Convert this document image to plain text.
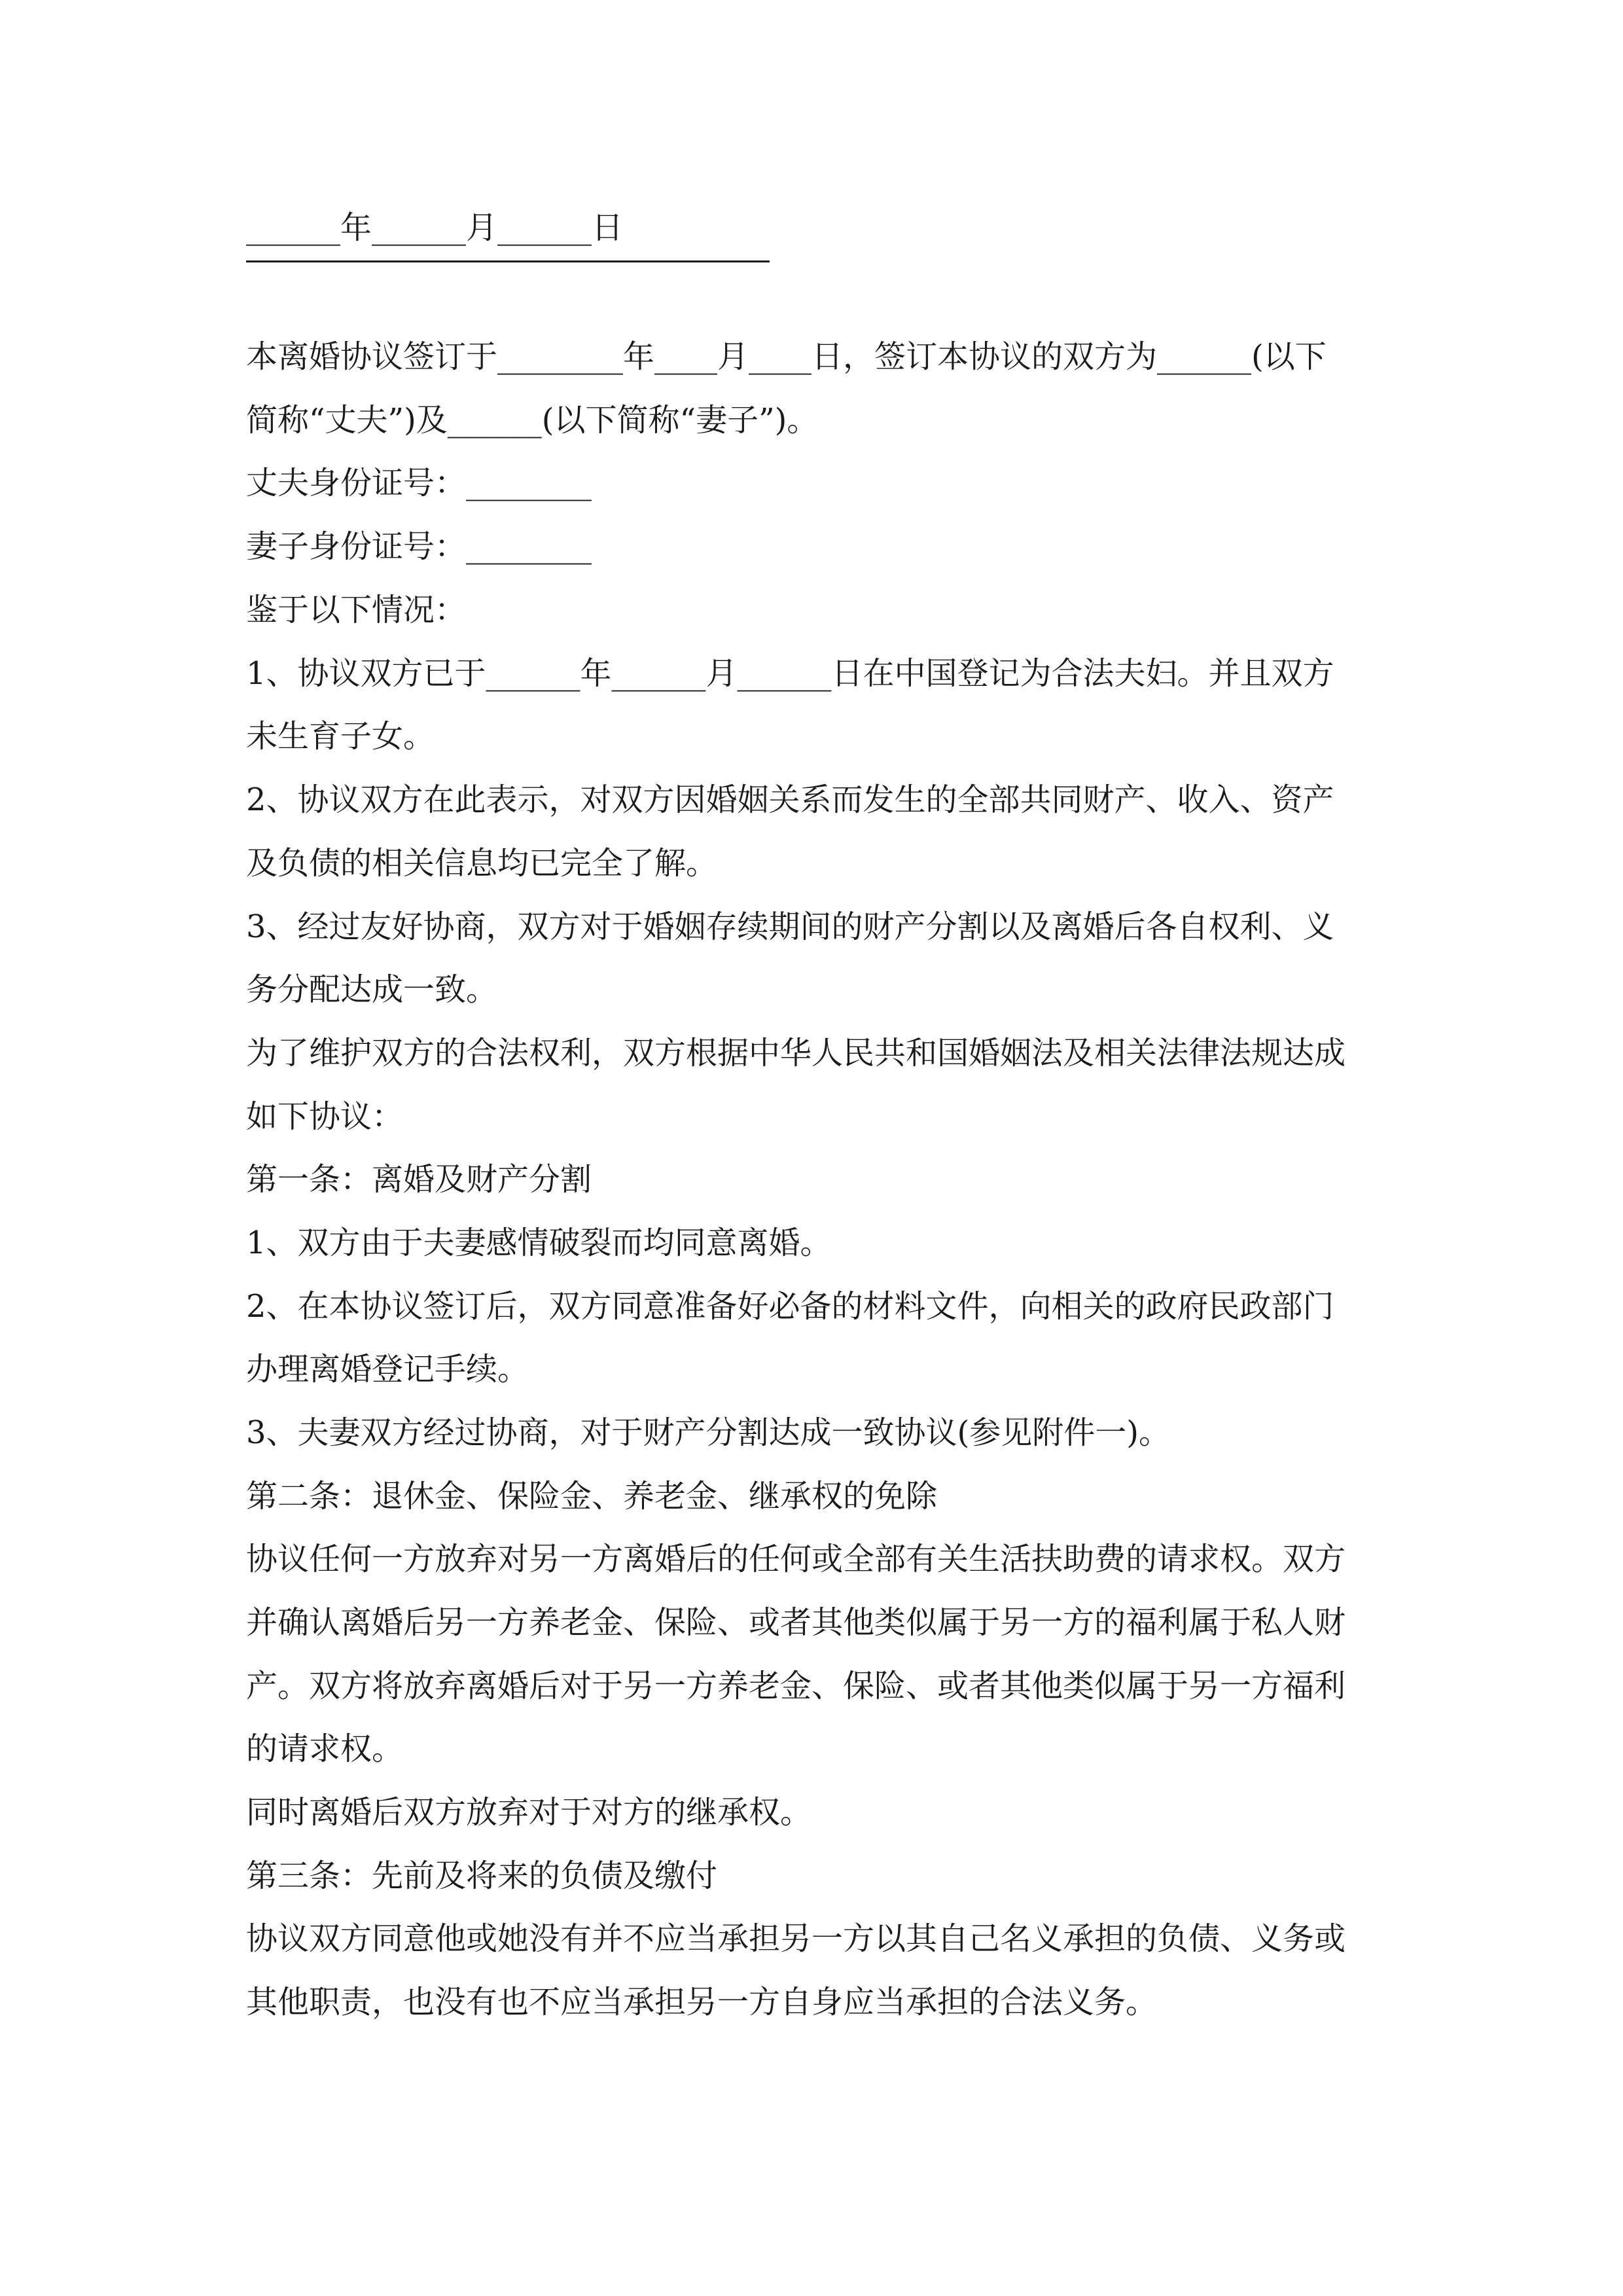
______年______月______日

本离婚协议签订于________年____月____日，签订本协议的双方为______(以下

简称“丈夫”)及______(以下简称“妻子”)。

丈夫身份证号：________

妻子身份证号：________

鉴于以下情况：

1、协议双方已于______年______月______日在中国登记为合法夫妇。并且双方

未生育子女。

2、协议双方在此表示，对双方因婚姻关系而发生的全部共同财产、收入、资产

及负债的相关信息均已完全了解。

3、经过友好协商，双方对于婚姻存续期间的财产分割以及离婚后各自权利、义

务分配达成一致。

为了维护双方的合法权利，双方根据中华人民共和国婚姻法及相关法律法规达成

如下协议：

第一条：离婚及财产分割

1、双方由于夫妻感情破裂而均同意离婚。

2、在本协议签订后，双方同意准备好必备的材料文件，向相关的政府民政部门

办理离婚登记手续。

3、夫妻双方经过协商，对于财产分割达成一致协议(参见附件一)。

第二条：退休金、保险金、养老金、继承权的免除

协议任何一方放弃对另一方离婚后的任何或全部有关生活扶助费的请求权。双方

并确认离婚后另一方养老金、保险、或者其他类似属于另一方的福利属于私人财

产。双方将放弃离婚后对于另一方养老金、保险、或者其他类似属于另一方福利

的请求权。

同时离婚后双方放弃对于对方的继承权。

第三条：先前及将来的负债及缴付

协议双方同意他或她没有并不应当承担另一方以其自己名义承担的负债、义务或

其他职责，也没有也不应当承担另一方自身应当承担的合法义务。
